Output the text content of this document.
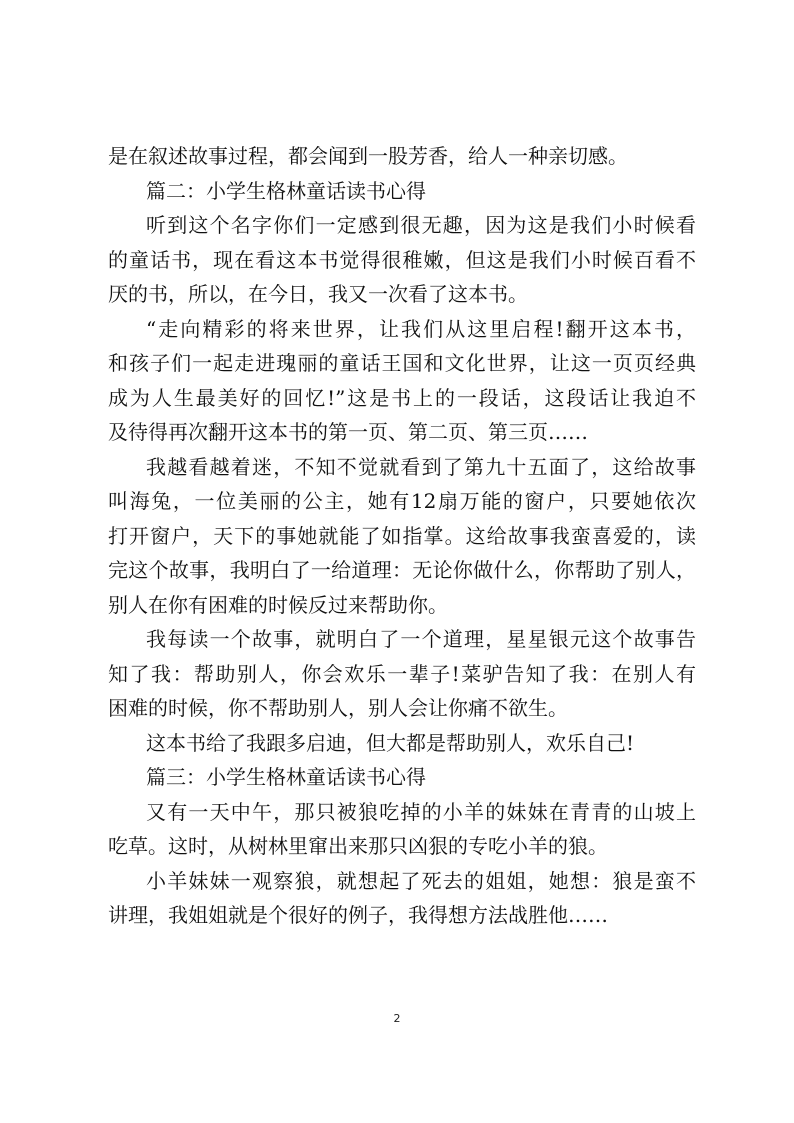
是在叙述故事过程，都会闻到一股芳香，给人一种亲切感。
篇二：小学生格林童话读书心得
听到这个名字你们一定感到很无趣，因为这是我们小时候看
的童话书，现在看这本书觉得很稚嫩，但这是我们小时候百看不
厌的书，所以，在今日，我又一次看了这本书。
“走向精彩的将来世界，让我们从这里启程!翻开这本书，
和孩子们一起走进瑰丽的童话王国和文化世界，让这一页页经典
成为人生最美好的回忆!”这是书上的一段话，这段话让我迫不
及待得再次翻开这本书的第一页、第二页、第三页……
我越看越着迷，不知不觉就看到了第九十五面了，这给故事
叫海兔，一位美丽的公主，她有12扇万能的窗户，只要她依次
打开窗户，天下的事她就能了如指掌。这给故事我蛮喜爱的，读
完这个故事，我明白了一给道理：无论你做什么，你帮助了别人，
别人在你有困难的时候反过来帮助你。
我每读一个故事，就明白了一个道理，星星银元这个故事告
知了我：帮助别人，你会欢乐一辈子!菜驴告知了我：在别人有
困难的时候，你不帮助别人，别人会让你痛不欲生。
这本书给了我跟多启迪，但大都是帮助别人，欢乐自己!
篇三：小学生格林童话读书心得
又有一天中午，那只被狼吃掉的小羊的妹妹在青青的山坡上
吃草。这时，从树林里窜出来那只凶狠的专吃小羊的狼。
小羊妹妹一观察狼，就想起了死去的姐姐，她想：狼是蛮不
讲理，我姐姐就是个很好的例子，我得想方法战胜他……
2
